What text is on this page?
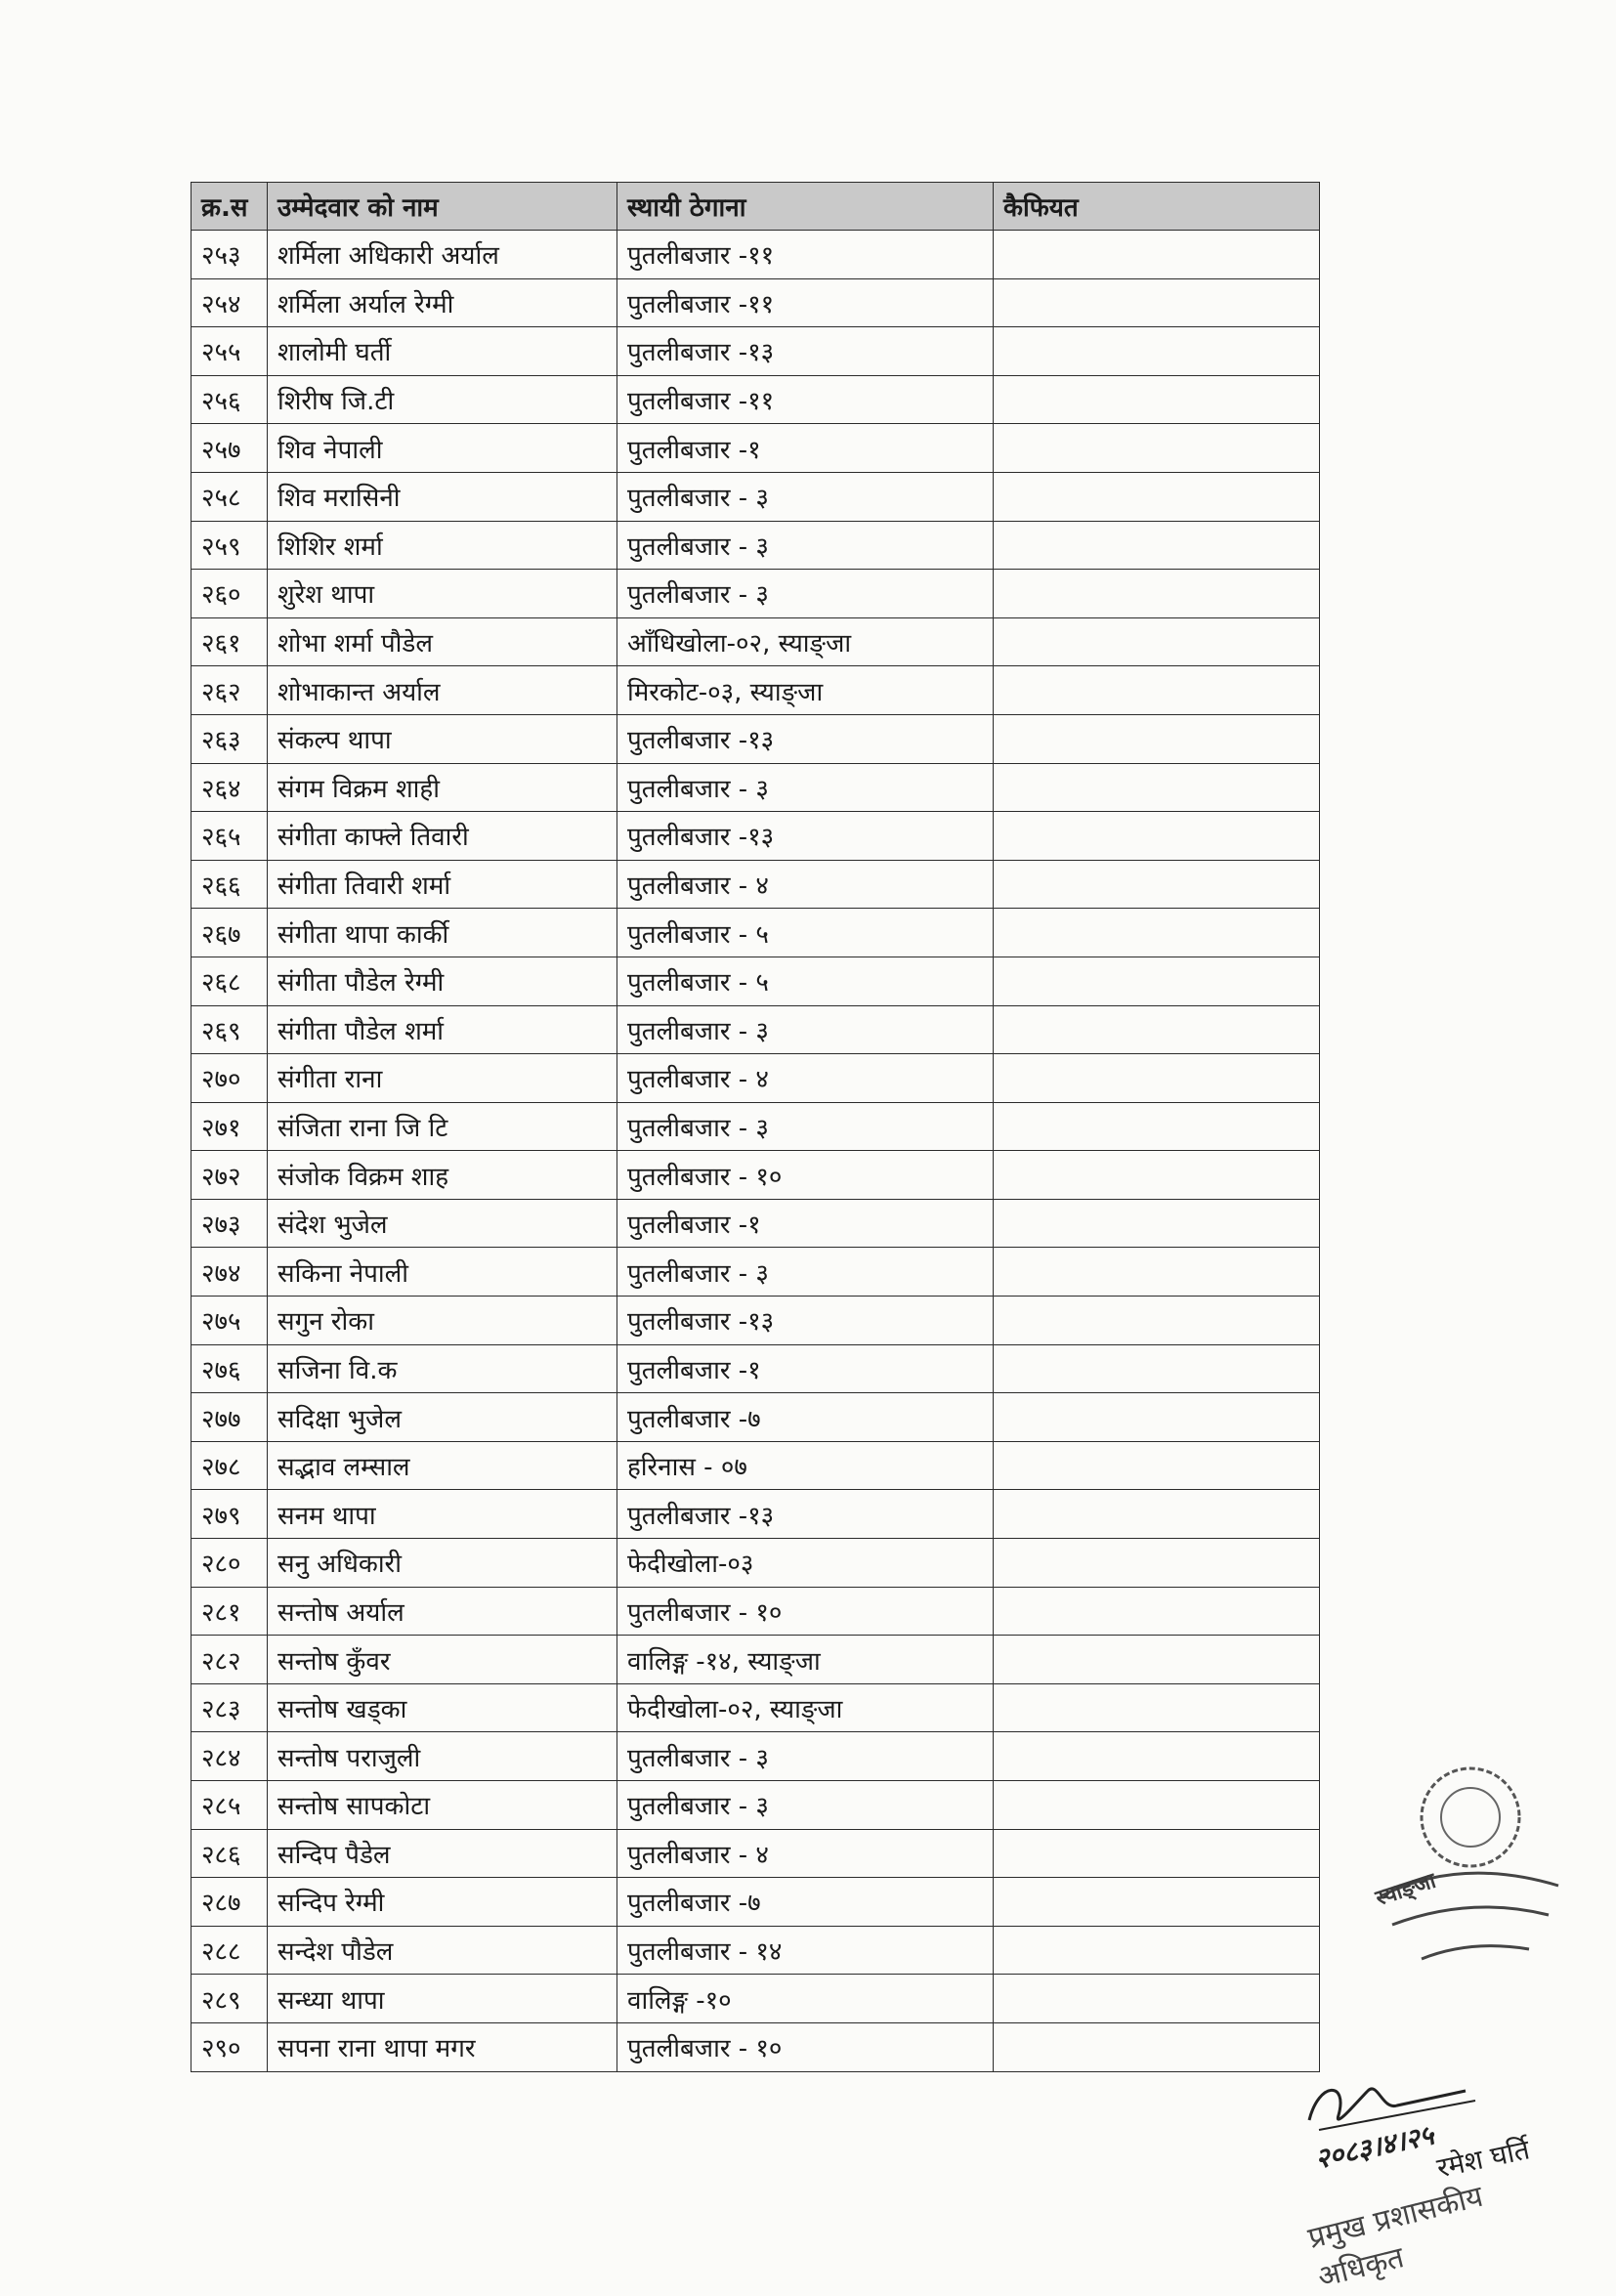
क्र.स	उम्मेदवार को नाम	स्थायी ठेगाना	कैफियत
२५३	शर्मिला अधिकारी अर्याल	पुतलीबजार -११	
२५४	शर्मिला अर्याल रेग्मी	पुतलीबजार -११	
२५५	शालोमी घर्ती	पुतलीबजार -१३	
२५६	शिरीष जि.टी	पुतलीबजार -११	
२५७	शिव नेपाली	पुतलीबजार -१	
२५८	शिव मरासिनी	पुतलीबजार - ३	
२५९	शिशिर शर्मा	पुतलीबजार - ३	
२६०	शुरेश थापा	पुतलीबजार - ३	
२६१	शोभा शर्मा पौडेल	आँधिखोला-०२, स्याङ्जा	
२६२	शोभाकान्त अर्याल	मिरकोट-०३, स्याङ्जा	
२६३	संकल्प थापा	पुतलीबजार -१३	
२६४	संगम विक्रम शाही	पुतलीबजार - ३	
२६५	संगीता काफ्ले तिवारी	पुतलीबजार -१३	
२६६	संगीता तिवारी शर्मा	पुतलीबजार - ४	
२६७	संगीता थापा कार्की	पुतलीबजार - ५	
२६८	संगीता पौडेल रेग्मी	पुतलीबजार - ५	
२६९	संगीता पौडेल शर्मा	पुतलीबजार - ३	
२७०	संगीता राना	पुतलीबजार - ४	
२७१	संजिता राना जि टि	पुतलीबजार - ३	
२७२	संजोक विक्रम शाह	पुतलीबजार - १०	
२७३	संदेश भुजेल	पुतलीबजार -१	
२७४	सकिना नेपाली	पुतलीबजार - ३	
२७५	सगुन रोका	पुतलीबजार -१३	
२७६	सजिना वि.क	पुतलीबजार -१	
२७७	सदिक्षा भुजेल	पुतलीबजार -७	
२७८	सद्भाव लम्साल	हरिनास - ०७	
२७९	सनम थापा	पुतलीबजार -१३	
२८०	सनु अधिकारी	फेदीखोला-०३	
२८१	सन्तोष अर्याल	पुतलीबजार - १०	
२८२	सन्तोष कुँवर	वालिङ्ग -१४, स्याङ्जा	
२८३	सन्तोष खड्का	फेदीखोला-०२, स्याङ्जा	
२८४	सन्तोष पराजुली	पुतलीबजार - ३	
२८५	सन्तोष सापकोटा	पुतलीबजार - ३	
२८६	सन्दिप पैडेल	पुतलीबजार - ४	
२८७	सन्दिप रेग्मी	पुतलीबजार -७	
२८८	सन्देश पौडेल	पुतलीबजार - १४	
२८९	सन्ध्या थापा	वालिङ्ग -१०	
२९०	सपना राना थापा मगर	पुतलीबजार - १०	
स्याङ्जा
२०८३।४।२५
रमेश घर्ति
प्रमुख प्रशासकीय अधिकृत
